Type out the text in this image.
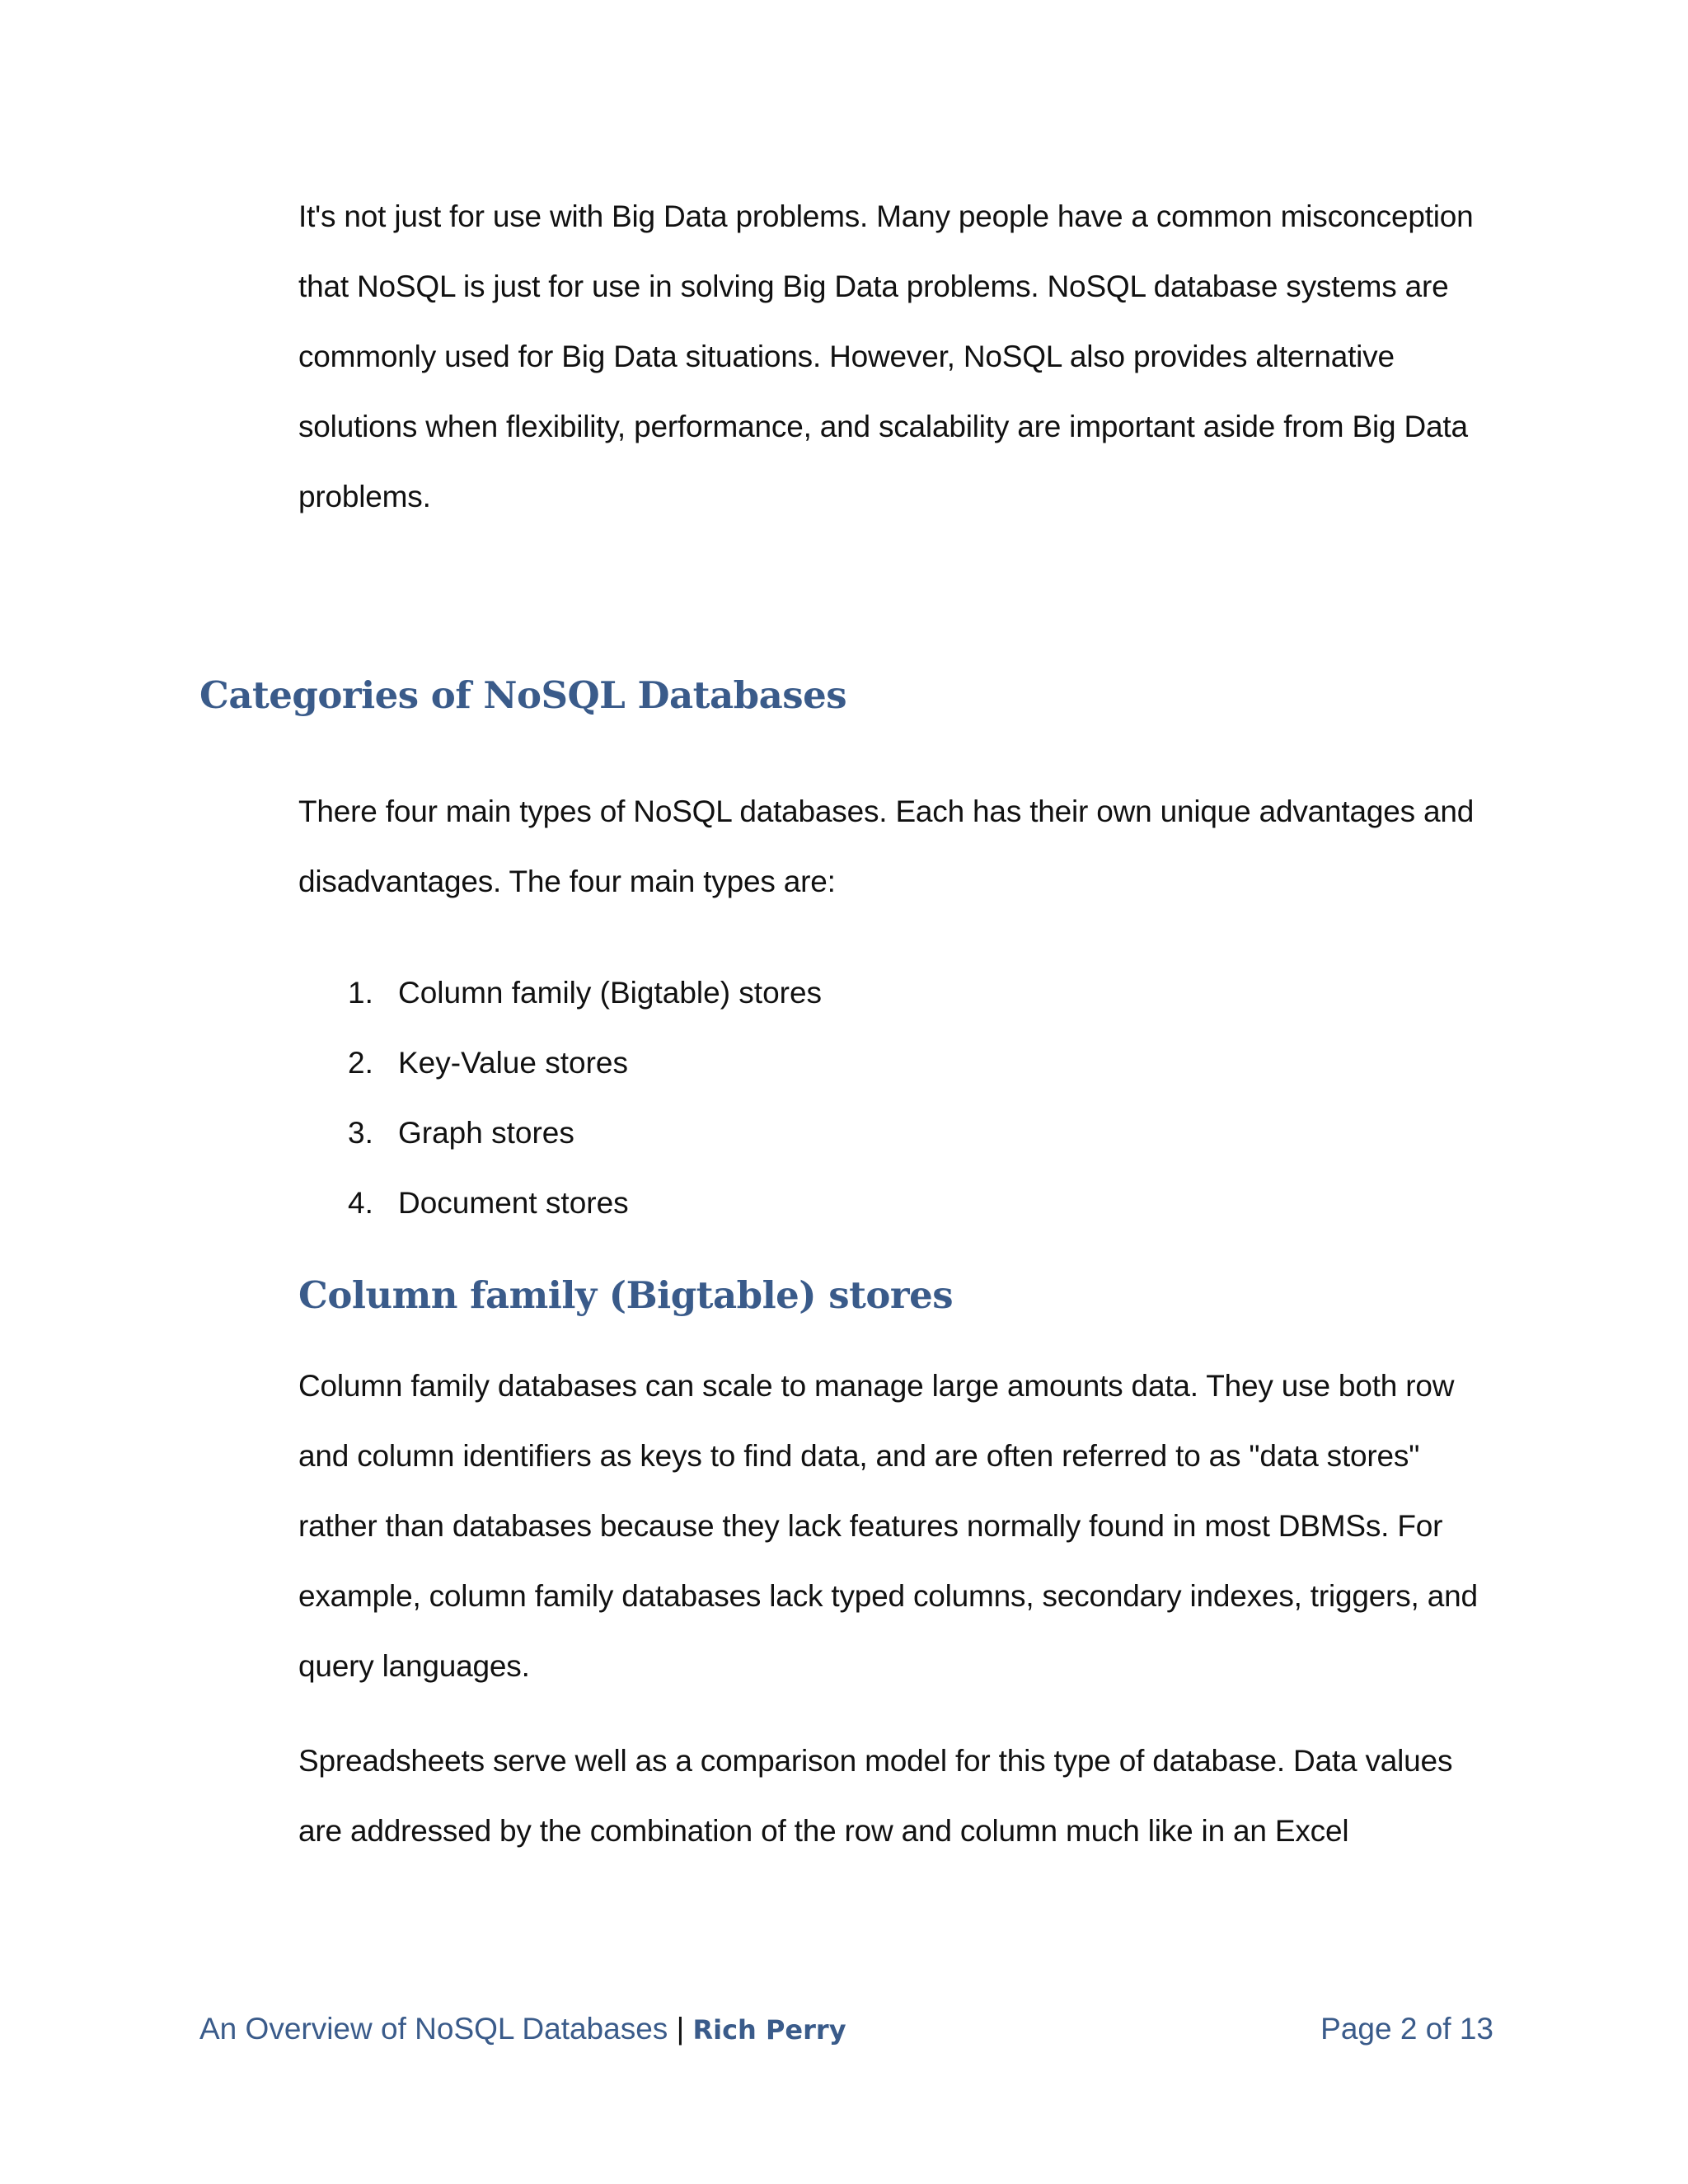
It's not just for use with Big Data problems. Many people have a common misconception that NoSQL is just for use in solving Big Data problems. NoSQL database systems are commonly used for Big Data situations. However, NoSQL also provides alternative solutions when flexibility, performance, and scalability are important aside from Big Data problems.

Categories of NoSQL Databases

There four main types of NoSQL databases. Each has their own unique advantages and disadvantages. The four main types are:

1. Column family (Bigtable) stores
2. Key-Value stores
3. Graph stores
4. Document stores
Column family (Bigtable) stores

Column family databases can scale to manage large amounts data. They use both row and column identifiers as keys to find data, and are often referred to as "data stores" rather than databases because they lack features normally found in most DBMSs. For example, column family databases lack typed columns, secondary indexes, triggers, and query languages.

Spreadsheets serve well as a comparison model for this type of database. Data values are addressed by the combination of the row and column much like in an Excel

An Overview of NoSQL Databases | Rich Perry	Page 2 of 13
